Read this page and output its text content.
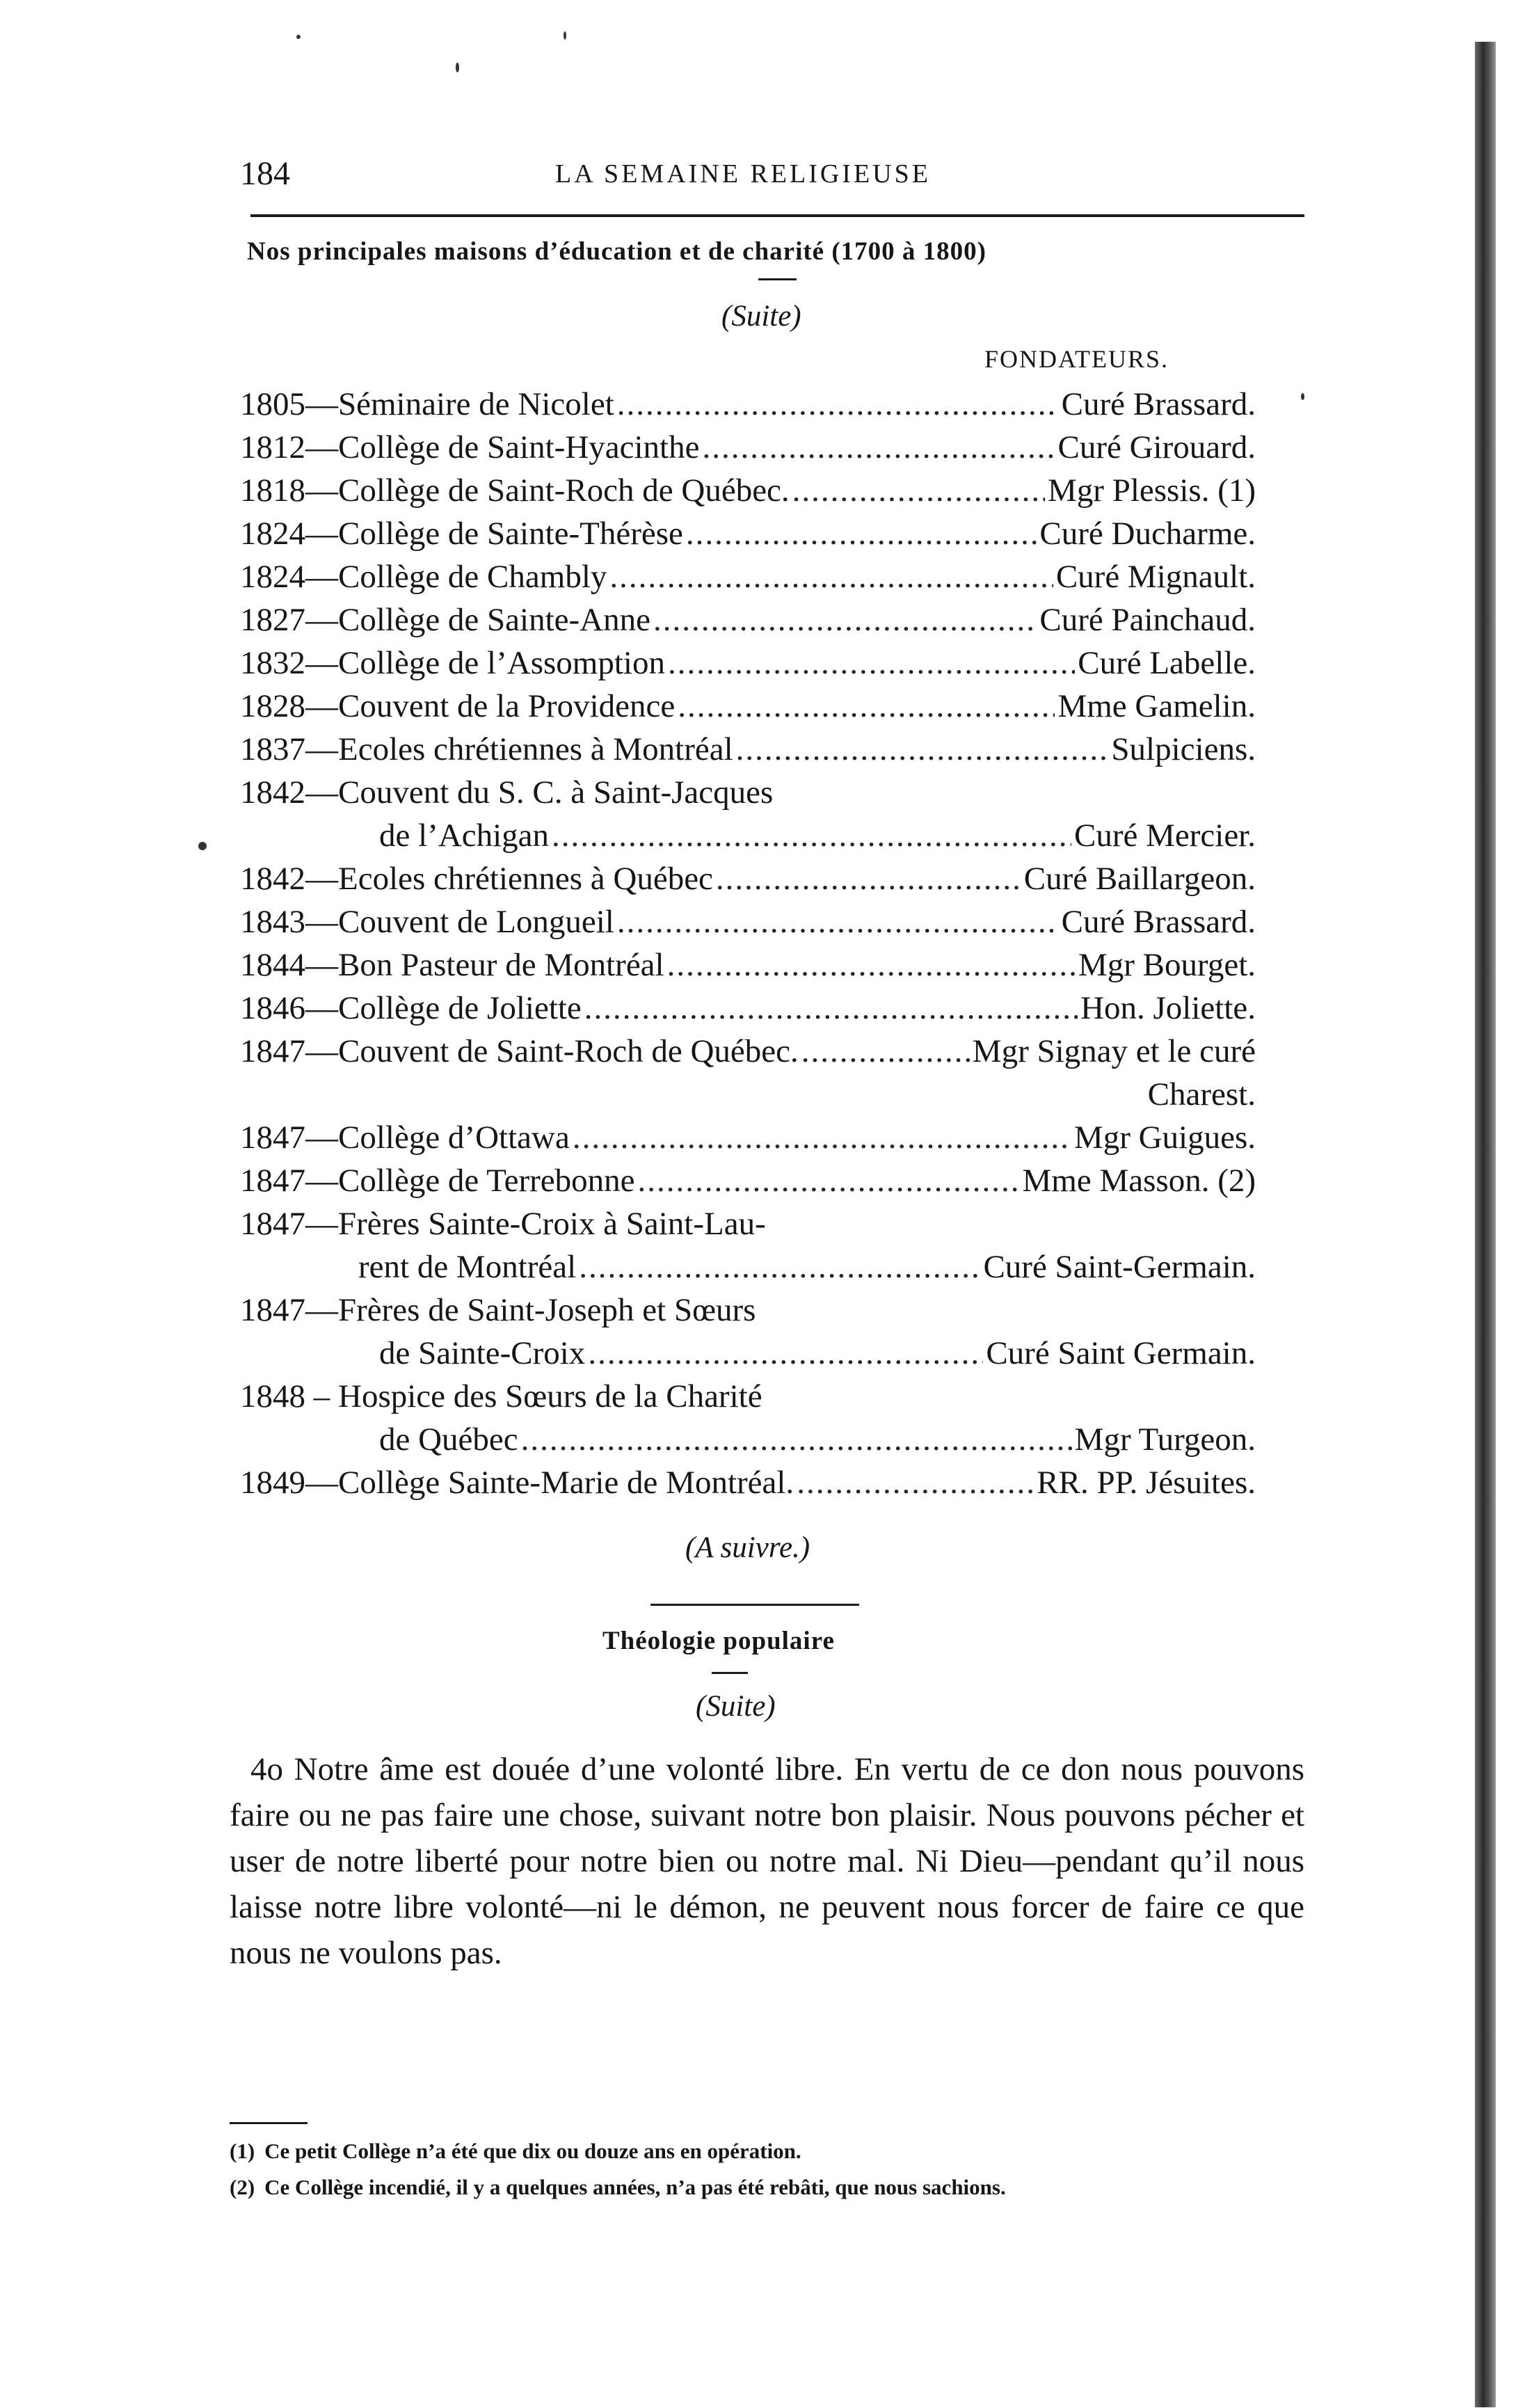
184	LA SEMAINE RELIGIEUSE
Nos principales maisons d’éducation et de charité (1700 à 1800)
(Suite)
FONDATEURS.
1805—Séminaire de Nicolet .....	Curé Brassard.
1812—Collège de Saint-Hyacinthe .....	Curé Girouard.
1818—Collège de Saint-Roch de Québec. .....	Mgr Plessis. (1)
1824—Collège de Sainte-Thérèse .....	Curé Ducharme.
1824—Collège de Chambly .....	Curé Mignault.
1827—Collège de Sainte-Anne .....	Curé Painchaud.
1832—Collège de l’Assomption .....	Curé Labelle.
1828—Couvent de la Providence .....	Mme Gamelin.
1837—Ecoles chrétiennes à Montréal .....	Sulpiciens.
1842—Couvent du S. C. à Saint-Jacques
de l’Achigan .....	Curé Mercier.
1842—Ecoles chrétiennes à Québec .....	Curé Baillargeon.
1843—Couvent de Longueil .....	Curé Brassard.
1844—Bon Pasteur de Montréal .....	Mgr Bourget.
1846—Collège de Joliette .....	Hon. Joliette.
1847—Couvent de Saint-Roch de Québec. .....	Mgr Signay et le curé
Charest.
1847—Collège d’Ottawa .....	Mgr Guigues.
1847—Collège de Terrebonne .....	Mme Masson. (2)
1847—Frères Sainte-Croix à Saint-Lau-
rent de Montréal .....	Curé Saint-Germain.
1847—Frères de Saint-Joseph et Sœurs
de Sainte-Croix .....	Curé Saint Germain.
1848 – Hospice des Sœurs de la Charité
de Québec .....	Mgr Turgeon.
1849—Collège Sainte-Marie de Montréal. .....	RR. PP. Jésuites.
(A suivre.)
Théologie populaire
(Suite)

4o Notre âme est douée d’une volonté libre. En vertu de ce don nous pouvons faire ou ne pas faire une chose, suivant notre bon plaisir. Nous pouvons pécher et user de notre liberté pour notre bien ou notre mal. Ni Dieu—pendant qu’il nous laisse notre libre volonté—ni le démon, ne peuvent nous forcer de faire ce que nous ne voulons pas.

(1) Ce petit Collège n’a été que dix ou douze ans en opération.
(2) Ce Collège incendié, il y a quelques années, n’a pas été rebâti, que nous sachions.
